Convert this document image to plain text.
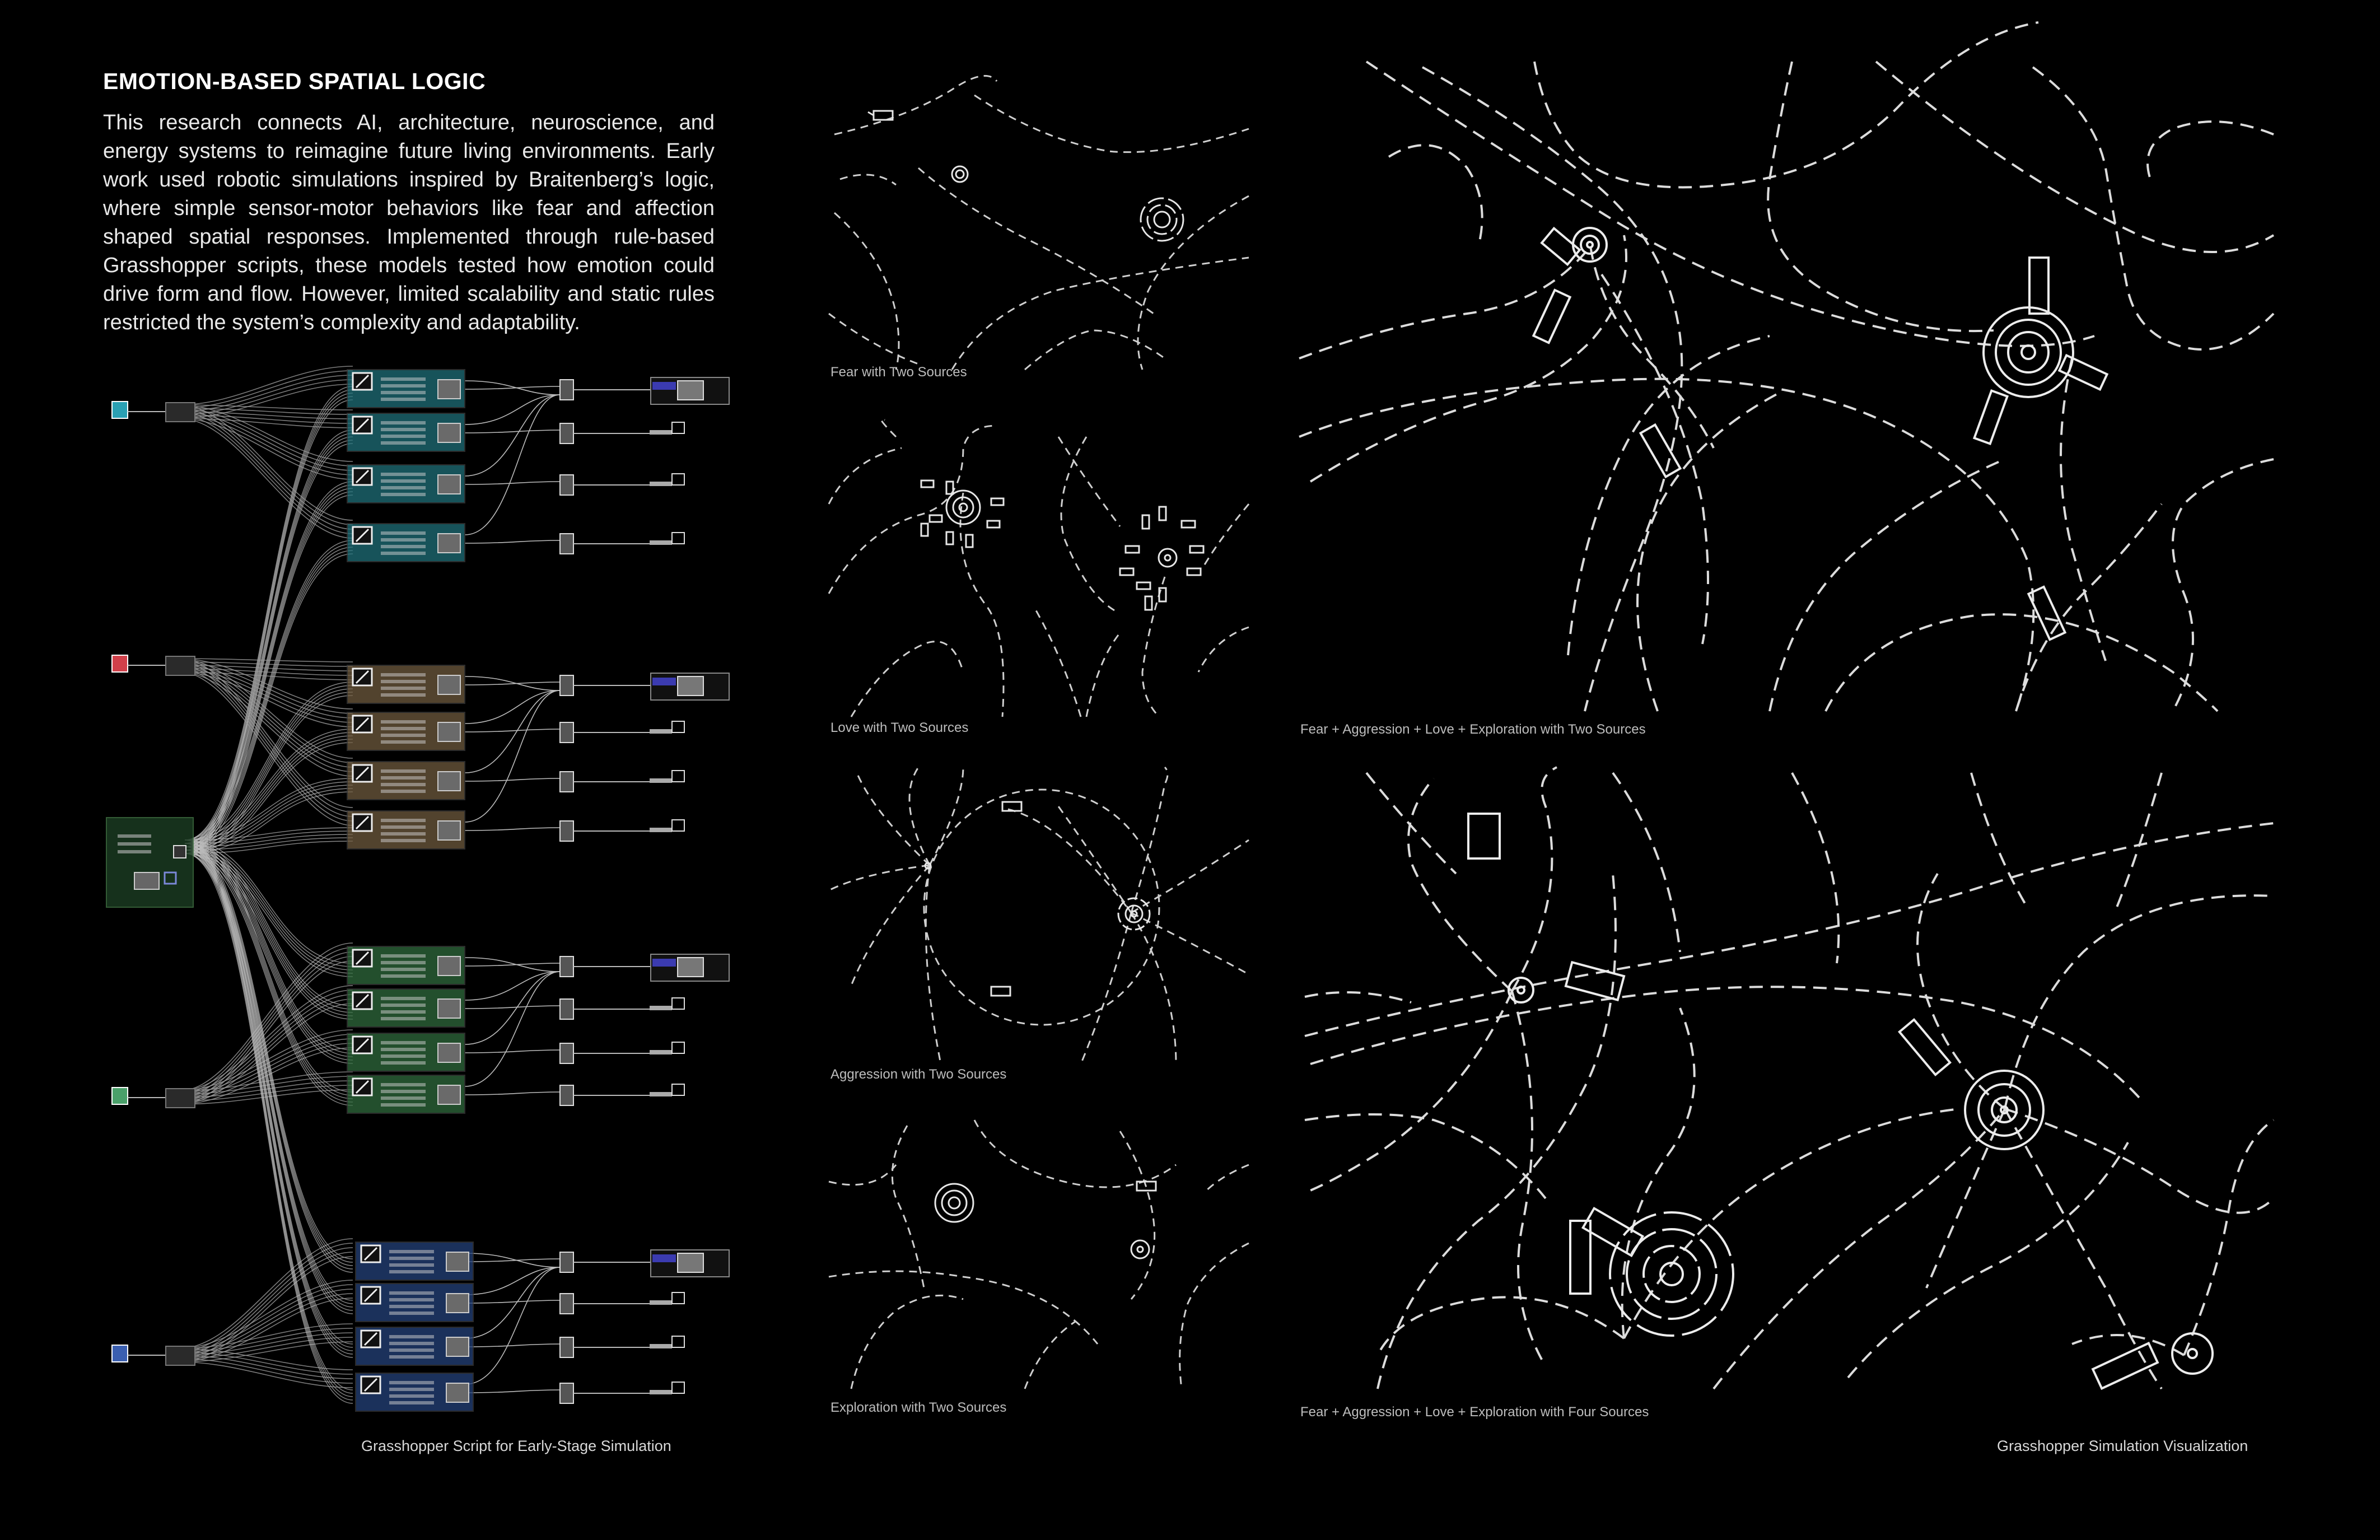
EMOTION-BASED SPATIAL LOGIC
This research connects AI, architecture, neuroscience, and energy systems to reimagine future living environments. Early work used robotic simulations inspired by Braitenberg’s logic, where simple sensor-motor behaviors like fear and affection shaped spatial responses. Implemented through rule-based Grasshopper scripts, these models tested how emotion could drive form and flow. However, limited scalability and static rules restricted the system’s complexity and adaptability.
Grasshopper Script for Early-Stage Simulation
Fear with Two Sources
Love with Two Sources
Aggression with Two Sources
Exploration with Two Sources
Fear + Aggression + Love + Exploration with Two Sources
Fear + Aggression + Love + Exploration with Four Sources
Grasshopper Simulation Visualization
